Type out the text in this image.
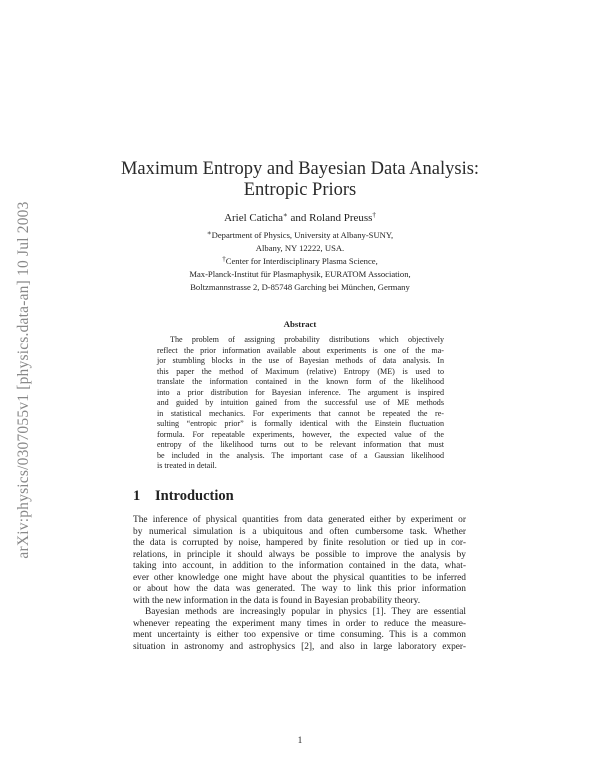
arXiv:physics/0307055v1 [physics.data-an] 10 Jul 2003
Maximum Entropy and Bayesian Data Analysis:
Entropic Priors
Ariel Caticha∗ and Roland Preuss†
∗Department of Physics, University at Albany-SUNY,
Albany, NY 12222, USA.
†Center for Interdisciplinary Plasma Science,
Max-Planck-Institut für Plasmaphysik, EURATOM Association,
Boltzmannstrasse 2, D-85748 Garching bei München, Germany
Abstract
The problem of assigning probability distributions which objectively
reflect the prior information available about experiments is one of the ma-
jor stumbling blocks in the use of Bayesian methods of data analysis. In
this paper the method of Maximum (relative) Entropy (ME) is used to
translate the information contained in the known form of the likelihood
into a prior distribution for Bayesian inference. The argument is inspired
and guided by intuition gained from the successful use of ME methods
in statistical mechanics. For experiments that cannot be repeated the re-
sulting “entropic prior” is formally identical with the Einstein fluctuation
formula. For repeatable experiments, however, the expected value of the
entropy of the likelihood turns out to be relevant information that must
be included in the analysis. The important case of a Gaussian likelihood
is treated in detail.
1 Introduction
The inference of physical quantities from data generated either by experiment or
by numerical simulation is a ubiquitous and often cumbersome task. Whether
the data is corrupted by noise, hampered by finite resolution or tied up in cor-
relations, in principle it should always be possible to improve the analysis by
taking into account, in addition to the information contained in the data, what-
ever other knowledge one might have about the physical quantities to be inferred
or about how the data was generated. The way to link this prior information
with the new information in the data is found in Bayesian probability theory.
Bayesian methods are increasingly popular in physics [1]. They are essential
whenever repeating the experiment many times in order to reduce the measure-
ment uncertainty is either too expensive or time consuming. This is a common
situation in astronomy and astrophysics [2], and also in large laboratory exper-
1
